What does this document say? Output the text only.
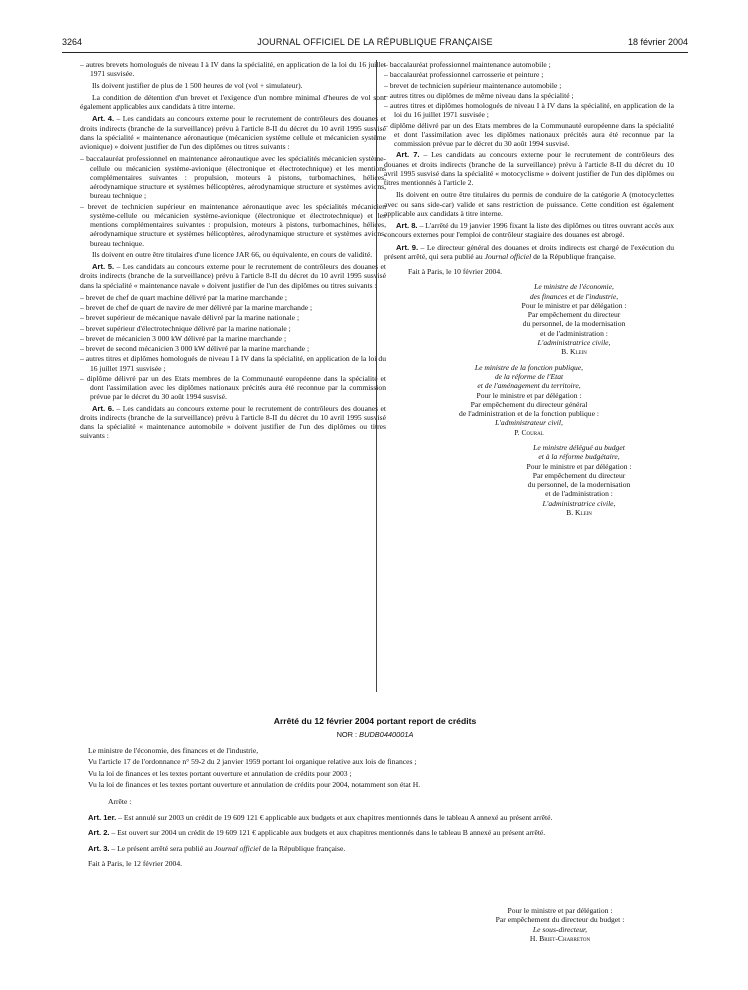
3264	JOURNAL OFFICIEL DE LA RÉPUBLIQUE FRANÇAISE	18 février 2004
– autres brevets homologués de niveau I à IV dans la spécialité, en application de la loi du 16 juillet 1971 susvisée.

Ils doivent justifier de plus de 1 500 heures de vol (vol + simulateur).

La condition de détention d'un brevet et l'exigence d'un nombre minimal d'heures de vol sont également applicables aux candidats à titre interne.

Art. 4. – Les candidats au concours externe pour le recrutement de contrôleurs des douanes et droits indirects (branche de la surveillance) prévu à l'article 8-II du décret du 10 avril 1995 susvisé dans la spécialité « maintenance aéronautique (mécanicien système cellule et mécanicien système avionique) » doivent justifier de l'un des diplômes ou titres suivants :

– baccalauréat professionnel en maintenance aéronautique avec les spécialités mécanicien système-cellule ou mécanicien système-avionique (électronique et électrotechnique) et les mentions complémentaires suivantes : propulsion, moteurs à pistons, turbomachines, hélices, aérodynamique structure et systèmes hélicoptères, aérodynamique structure et systèmes avions, bureau technique ;
– brevet de technicien supérieur en maintenance aéronautique avec les spécialités mécanicien système-cellule ou mécanicien système-avionique (électronique et électrotechnique) et les mentions complémentaires suivantes : propulsion, moteurs à pistons, turbomachines, hélices, aérodynamique structure et systèmes hélicoptères, aérodynamique structure et systèmes avions, bureau technique.

Ils doivent en outre être titulaires d'une licence JAR 66, ou équivalente, en cours de validité.

Art. 5. – Les candidats au concours externe pour le recrutement de contrôleurs des douanes et droits indirects (branche de la surveillance) prévu à l'article 8-II du décret du 10 avril 1995 susvisé dans la spécialité « maintenance navale » doivent justifier de l'un des diplômes ou titres suivants :

– brevet de chef de quart machine délivré par la marine marchande ;
– brevet de chef de quart de navire de mer délivré par la marine marchande ;
– brevet supérieur de mécanique navale délivré par la marine nationale ;
– brevet supérieur d'électrotechnique délivré par la marine nationale ;
– brevet de mécanicien 3 000 kW délivré par la marine marchande ;
– brevet de second mécanicien 3 000 kW délivré par la marine marchande ;
– autres titres et diplômes homologués de niveau I à IV dans la spécialité, en application de la loi du 16 juillet 1971 susvisée ;
– diplôme délivré par un des Etats membres de la Communauté européenne dans la spécialité et dont l'assimilation avec les diplômes nationaux précités aura été reconnue par la commission prévue par le décret du 30 août 1994 susvisé.

Art. 6. – Les candidats au concours externe pour le recrutement de contrôleurs des douanes et droits indirects (branche de la surveillance) prévu à l'article 8-II du décret du 10 avril 1995 susvisé dans la spécialité « maintenance automobile » doivent justifier de l'un des diplômes ou titres suivants :

– baccalauréat professionnel maintenance automobile ;
– baccalauréat professionnel carrosserie et peinture ;
– brevet de technicien supérieur maintenance automobile ;
– autres titres ou diplômes de même niveau dans la spécialité ;
– autres titres et diplômes homologués de niveau I à IV dans la spécialité, en application de la loi du 16 juillet 1971 susvisée ;
– diplôme délivré par un des Etats membres de la Communauté européenne dans la spécialité et dont l'assimilation avec les diplômes nationaux précités aura été reconnue par la commission prévue par le décret du 30 août 1994 susvisé.

Art. 7. – Les candidats au concours externe pour le recrutement de contrôleurs des douanes et droits indirects (branche de la surveillance) prévu à l'article 8-II du décret du 10 avril 1995 susvisé dans la spécialité « motocyclisme » doivent justifier de l'un des diplômes ou titres mentionnés à l'article 2.

Ils doivent en outre être titulaires du permis de conduire de la catégorie A (motocyclettes avec ou sans side-car) valide et sans restriction de puissance. Cette condition est également applicable aux candidats à titre interne.

Art. 8. – L'arrêté du 19 janvier 1996 fixant la liste des diplômes ou titres ouvrant accès aux concours externes pour l'emploi de contrôleur stagiaire des douanes est abrogé.

Art. 9. – Le directeur général des douanes et droits indirects est chargé de l'exécution du présent arrêté, qui sera publié au Journal officiel de la République française.

Fait à Paris, le 10 février 2004.

Le ministre de l'économie,
des finances et de l'industrie,
Pour le ministre et par délégation :
Par empêchement du directeur
du personnel, de la modernisation
et de l'administration :
L'administratrice civile,
B. Klein
Le ministre de la fonction publique,
de la réforme de l'Etat
et de l'aménagement du territoire,
Pour le ministre et par délégation :
Par empêchement du directeur général
de l'administration et de la fonction publique :
L'administrateur civil,
P. Coural
Le ministre délégué au budget
et à la réforme budgétaire,
Pour le ministre et par délégation :
Par empêchement du directeur
du personnel, de la modernisation
et de l'administration :
L'administratrice civile,
B. Klein
Arrêté du 12 février 2004 portant report de crédits
NOR : BUDB0440001A

Le ministre de l'économie, des finances et de l'industrie,

Vu l'article 17 de l'ordonnance n° 59-2 du 2 janvier 1959 portant loi organique relative aux lois de finances ;

Vu la loi de finances et les textes portant ouverture et annulation de crédits pour 2003 ;

Vu la loi de finances et les textes portant ouverture et annulation de crédits pour 2004, notamment son état H.

Arrête :

Art. 1er. – Est annulé sur 2003 un crédit de 19 609 121 € applicable aux budgets et aux chapitres mentionnés dans le tableau A annexé au présent arrêté.

Art. 2. – Est ouvert sur 2004 un crédit de 19 609 121 € applicable aux budgets et aux chapitres mentionnés dans le tableau B annexé au présent arrêté.

Art. 3. – Le présent arrêté sera publié au Journal officiel de la République française.

Fait à Paris, le 12 février 2004.

Pour le ministre et par délégation :
Par empêchement du directeur du budget :
Le sous-directeur,
H. Briet-Charreton
